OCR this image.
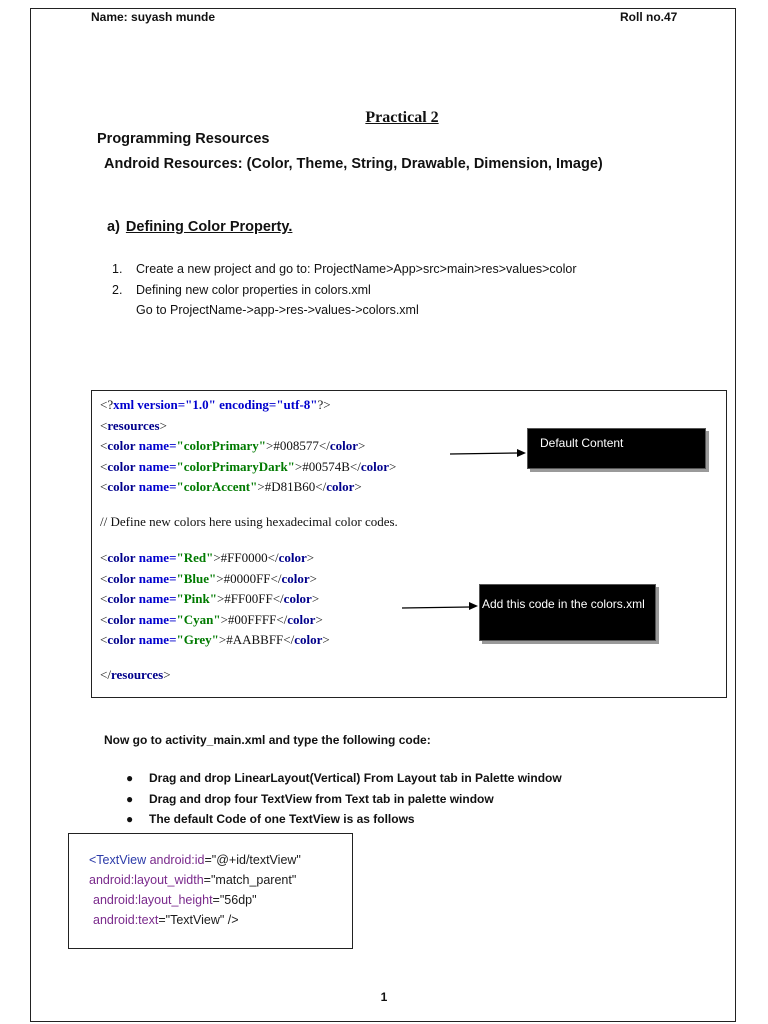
Name: suyash munde	Roll no.47
Practical 2
Programming Resources
Android Resources: (Color, Theme, String, Drawable, Dimension, Image)
a) Defining Color Property.
1. Create a new project and go to: ProjectName>App>src>main>res>values>color
2. Defining new color properties in colors.xml
Go to ProjectName->app->res->values->colors.xml
<?xml version="1.0" encoding="utf-8"?>
<resources>
<color name="colorPrimary">#008577</color>
<color name="colorPrimaryDark">#00574B</color>
<color name="colorAccent">#D81B60</color>
// Define new colors here using hexadecimal color codes.
<color name="Red">#FF0000</color>
<color name="Blue">#0000FF</color>
<color name="Pink">#FF00FF</color>
<color name="Cyan">#00FFFF</color>
<color name="Grey">#AABBFF</color>
</resources>
Default Content
Add this code in the colors.xml
Now go to activity_main.xml and type the following code:
● Drag and drop LinearLayout(Vertical) From Layout tab in Palette window
● Drag and drop four TextView from Text tab in palette window
● The default Code of one TextView is as follows
<TextView android:id="@+id/textView"
android:layout_width="match_parent"
android:layout_height="56dp"
android:text="TextView" />
1
